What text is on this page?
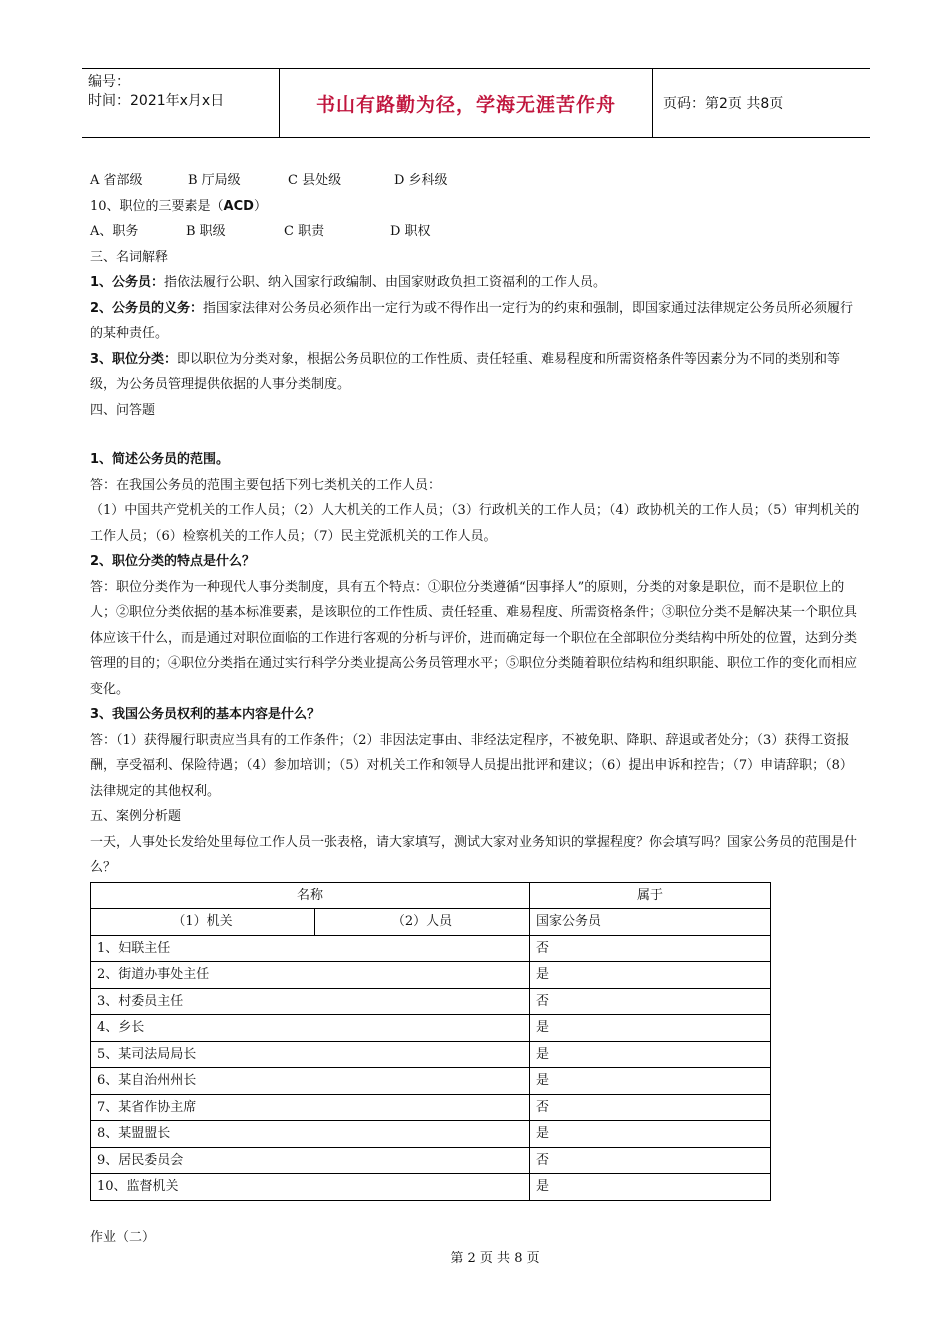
编号：
时间：2021年x月x日	书山有路勤为径，学海无涯苦作舟	页码：第2页 共8页

A 省部级	B 厅局级	C 县处级	D 乡科级

10、职位的三要素是（ACD）

A、职务	B 职级	C 职责	D 职权

三、名词解释

1、公务员：指依法履行公职、纳入国家行政编制、由国家财政负担工资福利的工作人员。

2、公务员的义务：指国家法律对公务员必须作出一定行为或不得作出一定行为的约束和强制，即国家通过法律规定公务员所必须履行的某种责任。

3、职位分类：即以职位为分类对象，根据公务员职位的工作性质、责任轻重、难易程度和所需资格条件等因素分为不同的类别和等级，为公务员管理提供依据的人事分类制度。

四、问答题

1、简述公务员的范围。

答：在我国公务员的范围主要包括下列七类机关的工作人员：

（1）中国共产党机关的工作人员；（2）人大机关的工作人员；（3）行政机关的工作人员；（4）政协机关的工作人员；（5）审判机关的工作人员；（6）检察机关的工作人员；（7）民主党派机关的工作人员。

2、职位分类的特点是什么？

答：职位分类作为一种现代人事分类制度，具有五个特点：①职位分类遵循“因事择人”的原则，分类的对象是职位，而不是职位上的人；②职位分类依据的基本标准要素，是该职位的工作性质、责任轻重、难易程度、所需资格条件；③职位分类不是解决某一个职位具体应该干什么，而是通过对职位面临的工作进行客观的分析与评价，进而确定每一个职位在全部职位分类结构中所处的位置，达到分类管理的目的；④职位分类指在通过实行科学分类业提高公务员管理水平；⑤职位分类随着职位结构和组织职能、职位工作的变化而相应变化。

3、我国公务员权利的基本内容是什么？

答：（1）获得履行职责应当具有的工作条件；（2）非因法定事由、非经法定程序，不被免职、降职、辞退或者处分；（3）获得工资报酬，享受福利、保险待遇；（4）参加培训；（5）对机关工作和领导人员提出批评和建议；（6）提出申诉和控告；（7）申请辞职；（8）法律规定的其他权利。

五、案例分析题

一天，人事处长发给处里每位工作人员一张表格，请大家填写，测试大家对业务知识的掌握程度？你会填写吗？国家公务员的范围是什么？

名称		属于
（1）机关	（2）人员	国家公务员
1、妇联主任		否
2、街道办事处主任		是
3、村委员主任		否
4、乡长		是
5、某司法局局长		是
6、某自治州州长		是
7、某省作协主席		否
8、某盟盟长		是
9、居民委员会		否
10、监督机关		是

作业（二）

第 2 页 共 8 页
